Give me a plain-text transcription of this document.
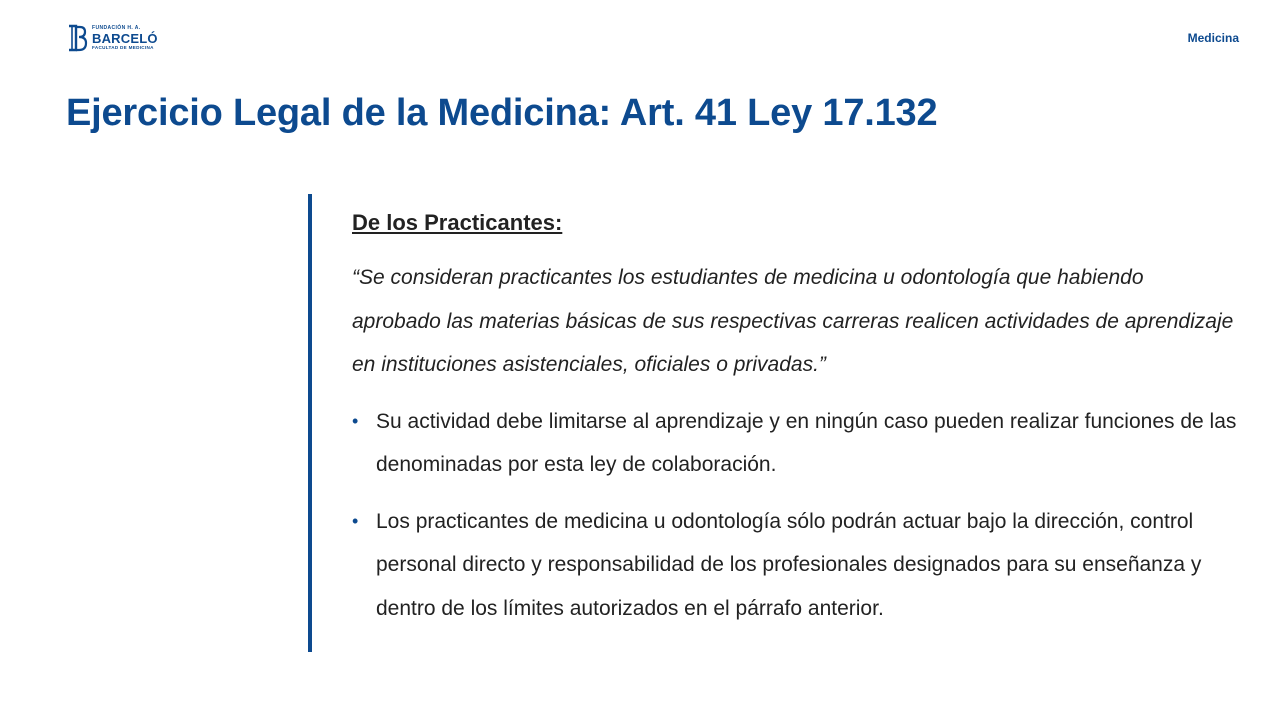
FUNDACIÓN H. A.
BARCELÓ
FACULTAD DE MEDICINA
Medicina
Ejercicio Legal de la Medicina: Art. 41 Ley 17.132

De los Practicantes:

“Se consideran practicantes los estudiantes de medicina u odontología que habiendo aprobado las materias básicas de sus respectivas carreras realicen actividades de aprendizaje en instituciones asistenciales, oficiales o privadas.”

• Su actividad debe limitarse al aprendizaje y en ningún caso pueden realizar funciones de las denominadas por esta ley de colaboración.
• Los practicantes de medicina u odontología sólo podrán actuar bajo la dirección, control personal directo y responsabilidad de los profesionales designados para su enseñanza y dentro de los límites autorizados en el párrafo anterior.
